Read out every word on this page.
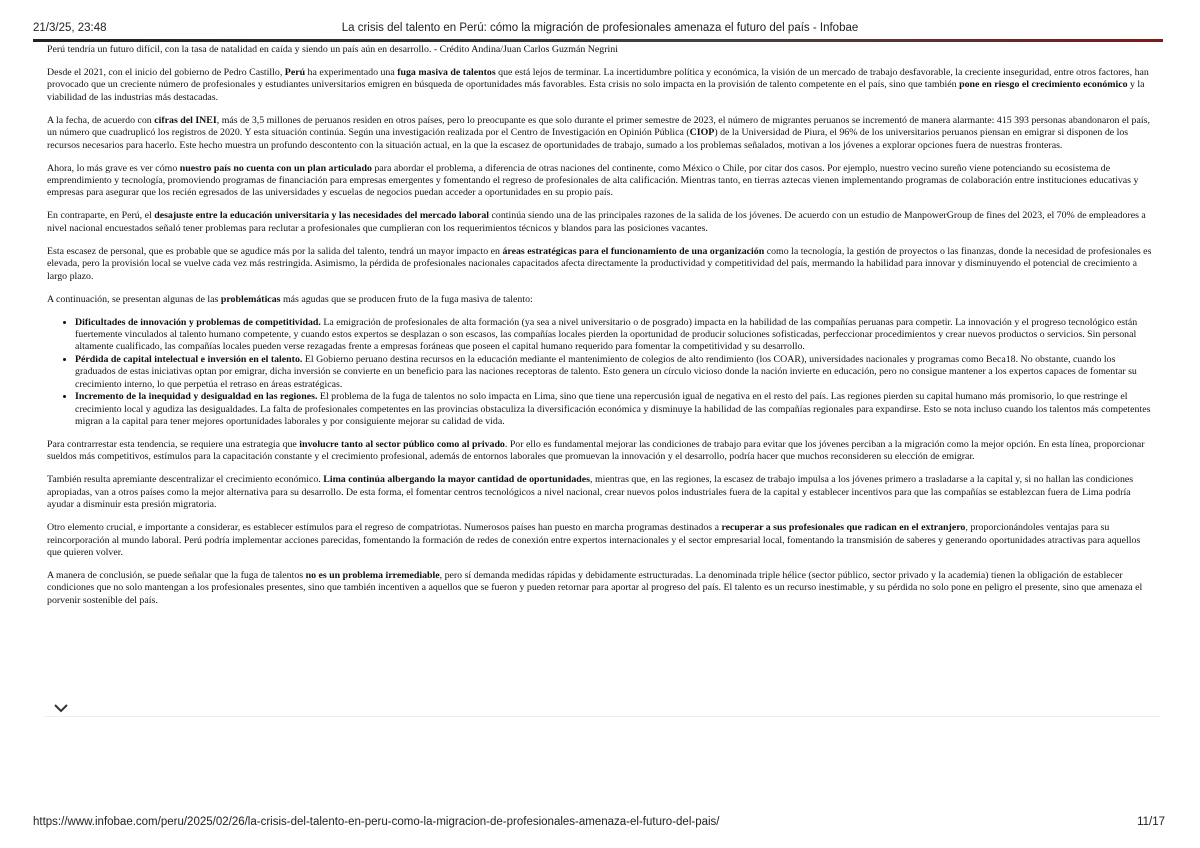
21/3/25, 23:48	La crisis del talento en Perú: cómo la migración de profesionales amenaza el futuro del país - Infobae

Perú tendría un futuro difícil, con la tasa de natalidad en caída y siendo un país aún en desarrollo. - Crédito Andina/Juan Carlos Guzmán Negrini

Desde el 2021, con el inicio del gobierno de Pedro Castillo, Perú ha experimentado una fuga masiva de talentos que está lejos de terminar. La incertidumbre política y económica, la visión de un mercado de trabajo desfavorable, la creciente inseguridad, entre otros factores, han provocado que un creciente número de profesionales y estudiantes universitarios emigren en búsqueda de oportunidades más favorables. Esta crisis no solo impacta en la provisión de talento competente en el país, sino que también pone en riesgo el crecimiento económico y la viabilidad de las industrias más destacadas.

A la fecha, de acuerdo con cifras del INEI, más de 3,5 millones de peruanos residen en otros países, pero lo preocupante es que solo durante el primer semestre de 2023, el número de migrantes peruanos se incrementó de manera alarmante: 415 393 personas abandonaron el país, un número que cuadruplicó los registros de 2020. Y esta situación continúa. Según una investigación realizada por el Centro de Investigación en Opinión Pública (CIOP) de la Universidad de Piura, el 96% de los universitarios peruanos piensan en emigrar si disponen de los recursos necesarios para hacerlo. Este hecho muestra un profundo descontento con la situación actual, en la que la escasez de oportunidades de trabajo, sumado a los problemas señalados, motivan a los jóvenes a explorar opciones fuera de nuestras fronteras.

Ahora, lo más grave es ver cómo nuestro país no cuenta con un plan articulado para abordar el problema, a diferencia de otras naciones del continente, como México o Chile, por citar dos casos. Por ejemplo, nuestro vecino sureño viene potenciando su ecosistema de emprendimiento y tecnología, promoviendo programas de financiación para empresas emergentes y fomentando el regreso de profesionales de alta calificación. Mientras tanto, en tierras aztecas vienen implementando programas de colaboración entre instituciones educativas y empresas para asegurar que los recién egresados de las universidades y escuelas de negocios puedan acceder a oportunidades en su propio país.

En contraparte, en Perú, el desajuste entre la educación universitaria y las necesidades del mercado laboral continúa siendo una de las principales razones de la salida de los jóvenes. De acuerdo con un estudio de ManpowerGroup de fines del 2023, el 70% de empleadores a nivel nacional encuestados señaló tener problemas para reclutar a profesionales que cumplieran con los requerimientos técnicos y blandos para las posiciones vacantes.

Esta escasez de personal, que es probable que se agudice más por la salida del talento, tendrá un mayor impacto en áreas estratégicas para el funcionamiento de una organización como la tecnología, la gestión de proyectos o las finanzas, donde la necesidad de profesionales es elevada, pero la provisión local se vuelve cada vez más restringida. Asimismo, la pérdida de profesionales nacionales capacitados afecta directamente la productividad y competitividad del país, mermando la habilidad para innovar y disminuyendo el potencial de crecimiento a largo plazo.

A continuación, se presentan algunas de las problemáticas más agudas que se producen fruto de la fuga masiva de talento:

• Dificultades de innovación y problemas de competitividad. La emigración de profesionales de alta formación (ya sea a nivel universitario o de posgrado) impacta en la habilidad de las compañías peruanas para competir. La innovación y el progreso tecnológico están fuertemente vinculados al talento humano competente, y cuando estos expertos se desplazan o son escasos, las compañías locales pierden la oportunidad de producir soluciones sofisticadas, perfeccionar procedimientos y crear nuevos productos o servicios. Sin personal altamente cualificado, las compañías locales pueden verse rezagadas frente a empresas foráneas que poseen el capital humano requerido para fomentar la competitividad y su desarrollo.
• Pérdida de capital intelectual e inversión en el talento. El Gobierno peruano destina recursos en la educación mediante el mantenimiento de colegios de alto rendimiento (los COAR), universidades nacionales y programas como Beca18. No obstante, cuando los graduados de estas iniciativas optan por emigrar, dicha inversión se convierte en un beneficio para las naciones receptoras de talento. Esto genera un círculo vicioso donde la nación invierte en educación, pero no consigue mantener a los expertos capaces de fomentar su crecimiento interno, lo que perpetúa el retraso en áreas estratégicas.
• Incremento de la inequidad y desigualdad en las regiones. El problema de la fuga de talentos no solo impacta en Lima, sino que tiene una repercusión igual de negativa en el resto del país. Las regiones pierden su capital humano más promisorio, lo que restringe el crecimiento local y agudiza las desigualdades. La falta de profesionales competentes en las provincias obstaculiza la diversificación económica y disminuye la habilidad de las compañías regionales para expandirse. Esto se nota incluso cuando los talentos más competentes migran a la capital para tener mejores oportunidades laborales y por consiguiente mejorar su calidad de vida.

Para contrarrestar esta tendencia, se requiere una estrategia que involucre tanto al sector público como al privado. Por ello es fundamental mejorar las condiciones de trabajo para evitar que los jóvenes perciban a la migración como la mejor opción. En esta línea, proporcionar sueldos más competitivos, estímulos para la capacitación constante y el crecimiento profesional, además de entornos laborales que promuevan la innovación y el desarrollo, podría hacer que muchos reconsideren su elección de emigrar.

También resulta apremiante descentralizar el crecimiento económico. Lima continúa albergando la mayor cantidad de oportunidades, mientras que, en las regiones, la escasez de trabajo impulsa a los jóvenes primero a trasladarse a la capital y, si no hallan las condiciones apropiadas, van a otros países como la mejor alternativa para su desarrollo. De esta forma, el fomentar centros tecnológicos a nivel nacional, crear nuevos polos industriales fuera de la capital y establecer incentivos para que las compañías se establezcan fuera de Lima podría ayudar a disminuir esta presión migratoria.

Otro elemento crucial, e importante a considerar, es establecer estímulos para el regreso de compatriotas. Numerosos países han puesto en marcha programas destinados a recuperar a sus profesionales que radican en el extranjero, proporcionándoles ventajas para su reincorporación al mundo laboral. Perú podría implementar acciones parecidas, fomentando la formación de redes de conexión entre expertos internacionales y el sector empresarial local, fomentando la transmisión de saberes y generando oportunidades atractivas para aquellos que quieren volver.

A manera de conclusión, se puede señalar que la fuga de talentos no es un problema irremediable, pero sí demanda medidas rápidas y debidamente estructuradas. La denominada triple hélice (sector público, sector privado y la academia) tienen la obligación de establecer condiciones que no solo mantengan a los profesionales presentes, sino que también incentiven a aquellos que se fueron y pueden retornar para aportar al progreso del país. El talento es un recurso inestimable, y su pérdida no solo pone en peligro el presente, sino que amenaza el porvenir sostenible del país.

https://www.infobae.com/peru/2025/02/26/la-crisis-del-talento-en-peru-como-la-migracion-de-profesionales-amenaza-el-futuro-del-pais/	11/17
